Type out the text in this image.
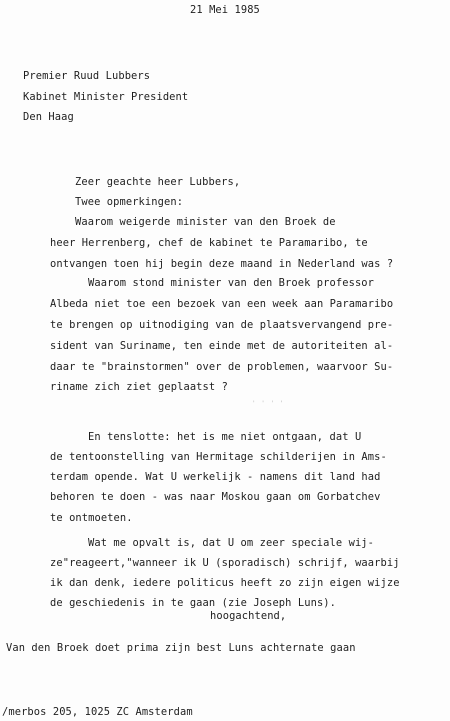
21 Mei 1985
Premier Ruud Lubbers
Kabinet Minister President
Den Haag
Zeer geachte heer Lubbers,
Twee opmerkingen:
Waarom weigerde minister van den Broek de
heer Herrenberg, chef de kabinet te Paramaribo, te
ontvangen toen hij begin deze maand in Nederland was ?
Waarom stond minister van den Broek professor
Albeda niet toe een bezoek van een week aan Paramaribo
te brengen op uitnodiging van de plaatsvervangend pre-
sident van Suriname, ten einde met de autoriteiten al-
daar te "brainstormen" over de problemen, waarvoor Su-
riname zich ziet geplaatst ?
' ' ' '
En tenslotte: het is me niet ontgaan, dat U
de tentoonstelling van Hermitage schilderijen in Ams-
terdam opende. Wat U werkelijk - namens dit land had
behoren te doen - was naar Moskou gaan om Gorbatchev
te ontmoeten.
Wat me opvalt is, dat U om zeer speciale wij-
ze"reageert,"wanneer ik U (sporadisch) schrijf, waarbij
ik dan denk, iedere politicus heeft zo zijn eigen wijze
de geschiedenis in te gaan (zie Joseph Luns).
hoogachtend,
Van den Broek doet prima zijn best Luns achternate gaan
/merbos 205, 1025 ZC Amsterdam
